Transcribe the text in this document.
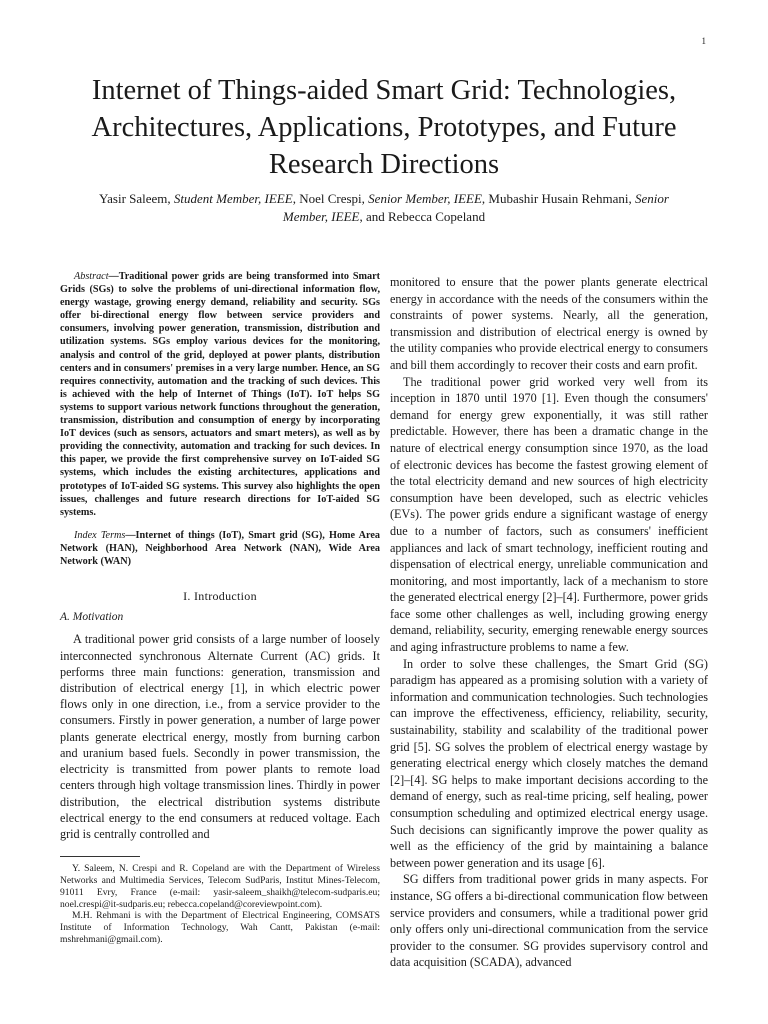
1
Internet of Things-aided Smart Grid: Technologies, Architectures, Applications, Prototypes, and Future Research Directions
Yasir Saleem, Student Member, IEEE, Noel Crespi, Senior Member, IEEE, Mubashir Husain Rehmani, Senior Member, IEEE, and Rebecca Copeland

Abstract—Traditional power grids are being transformed into Smart Grids (SGs) to solve the problems of uni-directional information flow, energy wastage, growing energy demand, reliability and security. SGs offer bi-directional energy flow between service providers and consumers, involving power generation, transmission, distribution and utilization systems. SGs employ various devices for the monitoring, analysis and control of the grid, deployed at power plants, distribution centers and in consumers' premises in a very large number. Hence, an SG requires connectivity, automation and the tracking of such devices. This is achieved with the help of Internet of Things (IoT). IoT helps SG systems to support various network functions throughout the generation, transmission, distribution and consumption of energy by incorporating IoT devices (such as sensors, actuators and smart meters), as well as by providing the connectivity, automation and tracking for such devices. In this paper, we provide the first comprehensive survey on IoT-aided SG systems, which includes the existing architectures, applications and prototypes of IoT-aided SG systems. This survey also highlights the open issues, challenges and future research directions for IoT-aided SG systems.

Index Terms—Internet of things (IoT), Smart grid (SG), Home Area Network (HAN), Neighborhood Area Network (NAN), Wide Area Network (WAN)

I. Introduction
A. Motivation

A traditional power grid consists of a large number of loosely interconnected synchronous Alternate Current (AC) grids. It performs three main functions: generation, transmission and distribution of electrical energy [1], in which electric power flows only in one direction, i.e., from a service provider to the consumers. Firstly in power generation, a number of large power plants generate electrical energy, mostly from burning carbon and uranium based fuels. Secondly in power transmission, the electricity is transmitted from power plants to remote load centers through high voltage transmission lines. Thirdly in power distribution, the electrical distribution systems distribute electrical energy to the end consumers at reduced voltage. Each grid is centrally controlled and

Y. Saleem, N. Crespi and R. Copeland are with the Department of Wireless Networks and Multimedia Services, Telecom SudParis, Institut Mines-Telecom, 91011 Evry, France (e-mail: yasir-saleem_shaikh@telecom-sudparis.eu; noel.crespi@it-sudparis.eu; rebecca.copeland@coreviewpoint.com).

M.H. Rehmani is with the Department of Electrical Engineering, COMSATS Institute of Information Technology, Wah Cantt, Pakistan (e-mail: mshrehmani@gmail.com).

monitored to ensure that the power plants generate electrical energy in accordance with the needs of the consumers within the constraints of power systems. Nearly, all the generation, transmission and distribution of electrical energy is owned by the utility companies who provide electrical energy to consumers and bill them accordingly to recover their costs and earn profit.

The traditional power grid worked very well from its inception in 1870 until 1970 [1]. Even though the consumers' demand for energy grew exponentially, it was still rather predictable. However, there has been a dramatic change in the nature of electrical energy consumption since 1970, as the load of electronic devices has become the fastest growing element of the total electricity demand and new sources of high electricity consumption have been developed, such as electric vehicles (EVs). The power grids endure a significant wastage of energy due to a number of factors, such as consumers' inefficient appliances and lack of smart technology, inefficient routing and dispensation of electrical energy, unreliable communication and monitoring, and most importantly, lack of a mechanism to store the generated electrical energy [2]–[4]. Furthermore, power grids face some other challenges as well, including growing energy demand, reliability, security, emerging renewable energy sources and aging infrastructure problems to name a few.

In order to solve these challenges, the Smart Grid (SG) paradigm has appeared as a promising solution with a variety of information and communication technologies. Such technologies can improve the effectiveness, efficiency, reliability, security, sustainability, stability and scalability of the traditional power grid [5]. SG solves the problem of electrical energy wastage by generating electrical energy which closely matches the demand [2]–[4]. SG helps to make important decisions according to the demand of energy, such as real-time pricing, self healing, power consumption scheduling and optimized electrical energy usage. Such decisions can significantly improve the power quality as well as the efficiency of the grid by maintaining a balance between power generation and its usage [6].

SG differs from traditional power grids in many aspects. For instance, SG offers a bi-directional communication flow between service providers and consumers, while a traditional power grid only offers only uni-directional communication from the service provider to the consumer. SG provides supervisory control and data acquisition (SCADA), advanced
